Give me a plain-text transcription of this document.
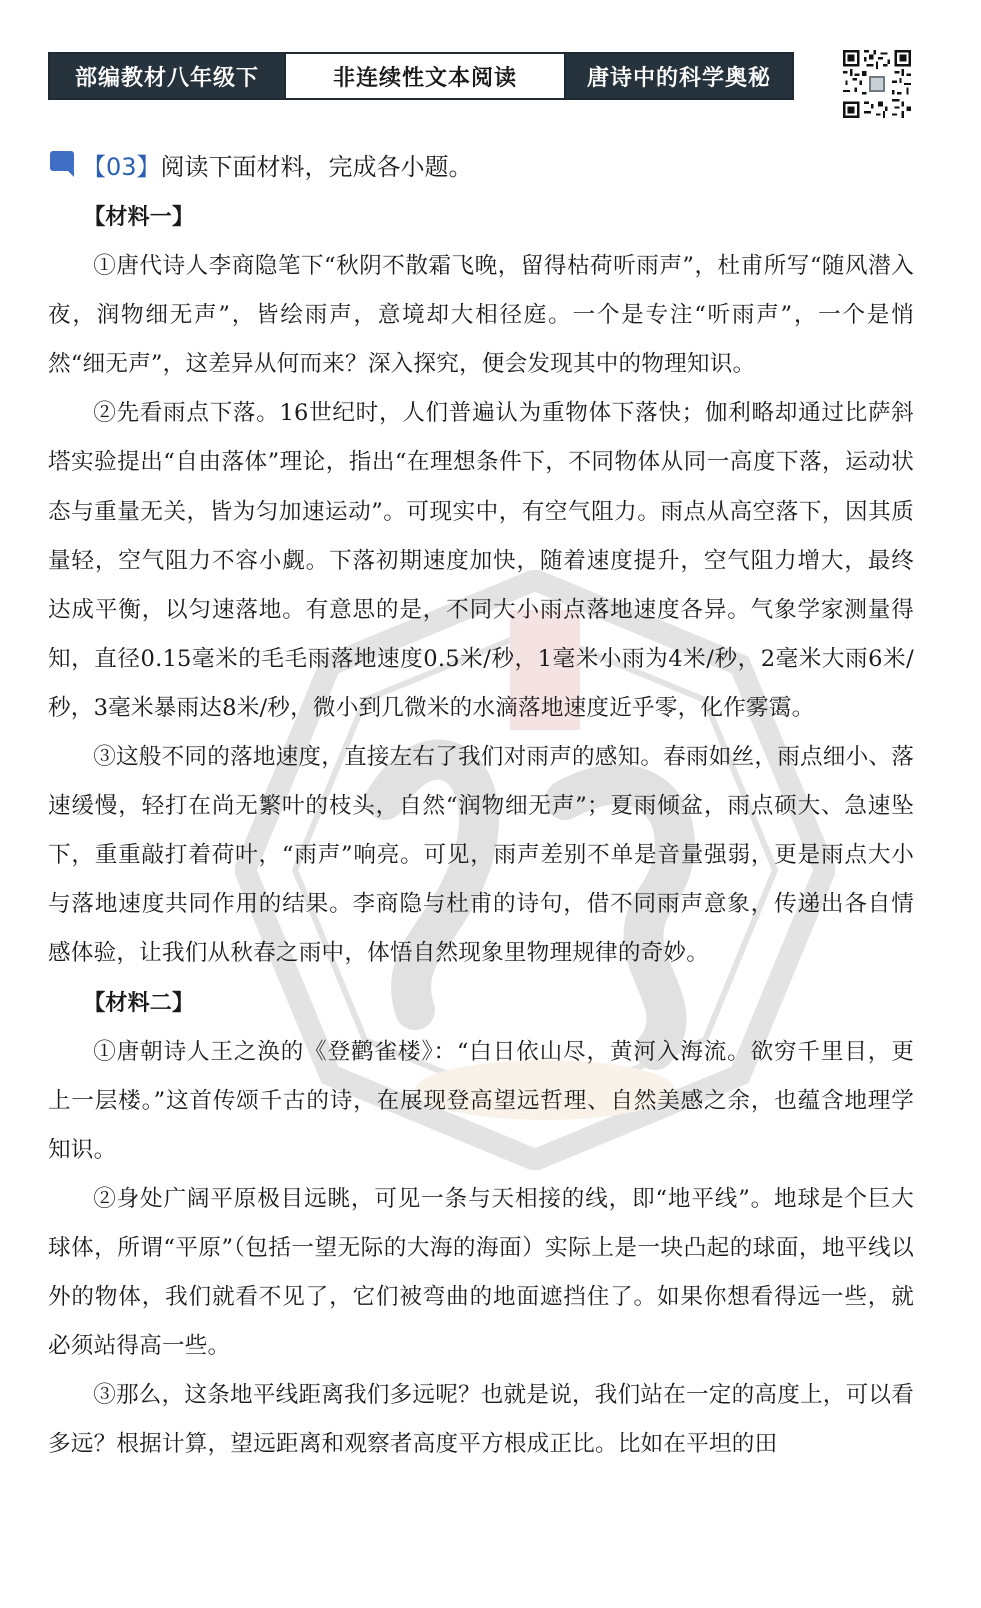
部编教材八年级下	非连续性文本阅读	唐诗中的科学奥秘
【03】 阅读下面材料，完成各小题。

【材料一】

①唐代诗人李商隐笔下“秋阴不散霜飞晚，留得枯荷听雨声”，杜甫所写“随风潜入夜，润物细无声”，皆绘雨声，意境却大相径庭。一个是专注“听雨声”，一个是悄然“细无声”，这差异从何而来？深入探究，便会发现其中的物理知识。

②先看雨点下落。16世纪时，人们普遍认为重物体下落快；伽利略却通过比萨斜塔实验提出“自由落体”理论，指出“在理想条件下，不同物体从同一高度下落，运动状态与重量无关，皆为匀加速运动”。可现实中，有空气阻力。雨点从高空落下，因其质量轻，空气阻力不容小觑。下落初期速度加快，随着速度提升，空气阻力增大，最终达成平衡，以匀速落地。有意思的是，不同大小雨点落地速度各异。气象学家测量得知，直径0.15毫米的毛毛雨落地速度0.5米/秒，1毫米小雨为4米/秒，2毫米大雨6米/秒，3毫米暴雨达8米/秒，微小到几微米的水滴落地速度近乎零，化作雾霭。

③这般不同的落地速度，直接左右了我们对雨声的感知。春雨如丝，雨点细小、落速缓慢，轻打在尚无繁叶的枝头，自然“润物细无声”；夏雨倾盆，雨点硕大、急速坠下，重重敲打着荷叶，“雨声”响亮。可见，雨声差别不单是音量强弱，更是雨点大小与落地速度共同作用的结果。李商隐与杜甫的诗句，借不同雨声意象，传递出各自情感体验，让我们从秋春之雨中，体悟自然现象里物理规律的奇妙。

【材料二】

①唐朝诗人王之涣的《登鹳雀楼》：“白日依山尽，黄河入海流。欲穷千里目，更上一层楼。”这首传颂千古的诗，在展现登高望远哲理、自然美感之余，也蕴含地理学知识。

②身处广阔平原极目远眺，可见一条与天相接的线，即“地平线”。地球是个巨大球体，所谓“平原”（包括一望无际的大海的海面）实际上是一块凸起的球面，地平线以外的物体，我们就看不见了，它们被弯曲的地面遮挡住了。如果你想看得远一些，就必须站得高一些。

③那么，这条地平线距离我们多远呢？也就是说，我们站在一定的高度上，可以看多远？根据计算，望远距离和观察者高度平方根成正比。比如在平坦的田
